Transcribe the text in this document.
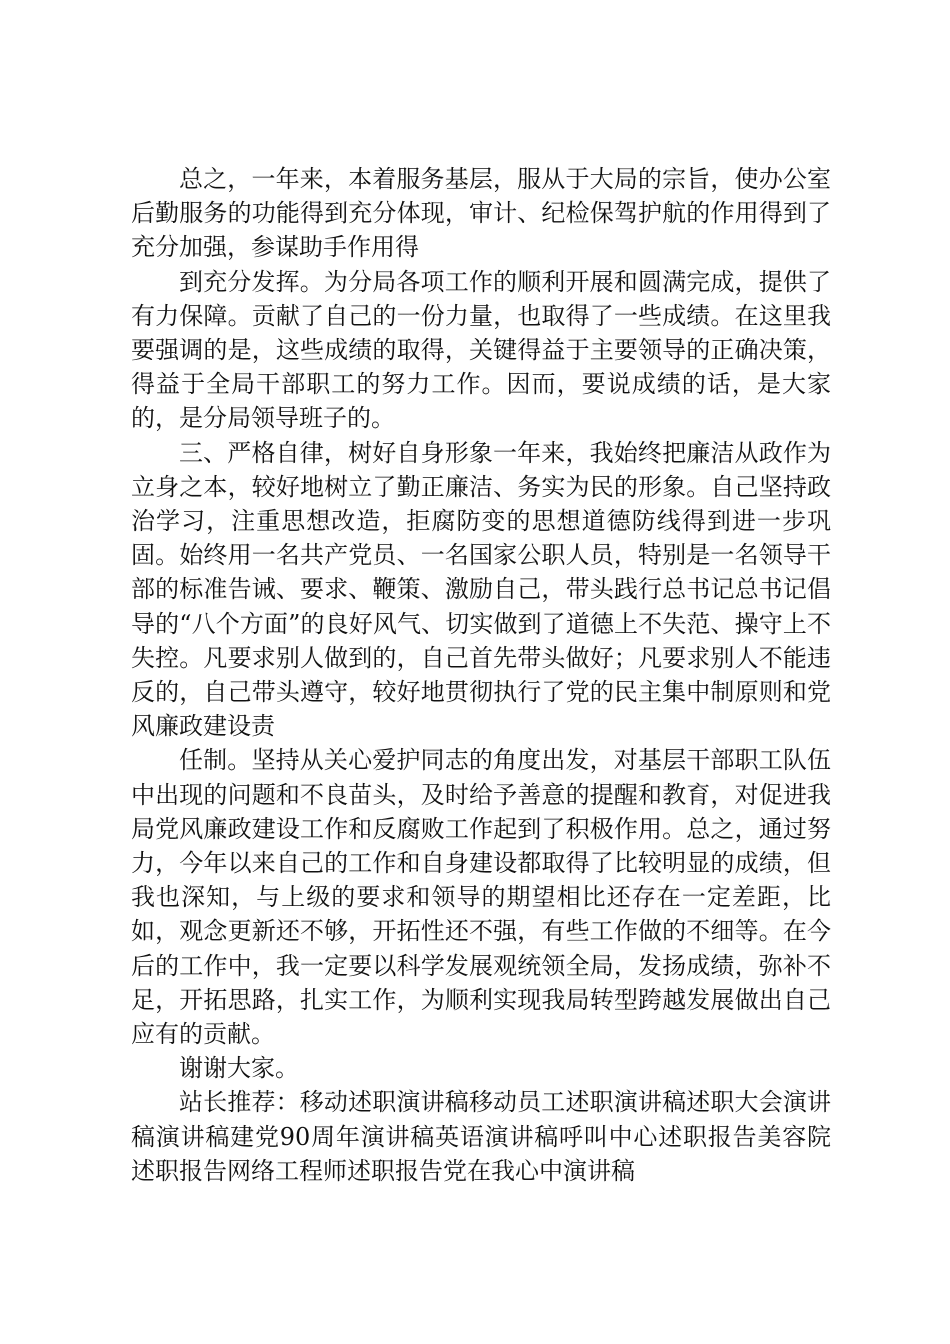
总之，一年来，本着服务基层，服从于大局的宗旨，使办公室后勤服务的功能得到充分体现，审计、纪检保驾护航的作用得到了充分加强，参谋助手作用得

到充分发挥。为分局各项工作的顺利开展和圆满完成，提供了有力保障。贡献了自己的一份力量，也取得了一些成绩。在这里我要强调的是，这些成绩的取得，关键得益于主要领导的正确决策，得益于全局干部职工的努力工作。因而，要说成绩的话，是大家的，是分局领导班子的。

三、严格自律，树好自身形象一年来，我始终把廉洁从政作为立身之本，较好地树立了勤正廉洁、务实为民的形象。自己坚持政治学习，注重思想改造，拒腐防变的思想道德防线得到进一步巩固。始终用一名共产党员、一名国家公职人员，特别是一名领导干部的标准告诫、要求、鞭策、激励自己，带头践行总书记总书记倡导的“八个方面”的良好风气、切实做到了道德上不失范、操守上不失控。凡要求别人做到的，自己首先带头做好；凡要求别人不能违反的，自己带头遵守，较好地贯彻执行了党的民主集中制原则和党风廉政建设责

任制。坚持从关心爱护同志的角度出发，对基层干部职工队伍中出现的问题和不良苗头，及时给予善意的提醒和教育，对促进我局党风廉政建设工作和反腐败工作起到了积极作用。总之，通过努力，今年以来自己的工作和自身建设都取得了比较明显的成绩，但我也深知，与上级的要求和领导的期望相比还存在一定差距，比如，观念更新还不够，开拓性还不强，有些工作做的不细等。在今后的工作中，我一定要以科学发展观统领全局，发扬成绩，弥补不足，开拓思路，扎实工作，为顺利实现我局转型跨越发展做出自己应有的贡献。

谢谢大家。

站长推荐：移动述职演讲稿移动员工述职演讲稿述职大会演讲稿演讲稿建党90周年演讲稿英语演讲稿呼叫中心述职报告美容院述职报告网络工程师述职报告党在我心中演讲稿
